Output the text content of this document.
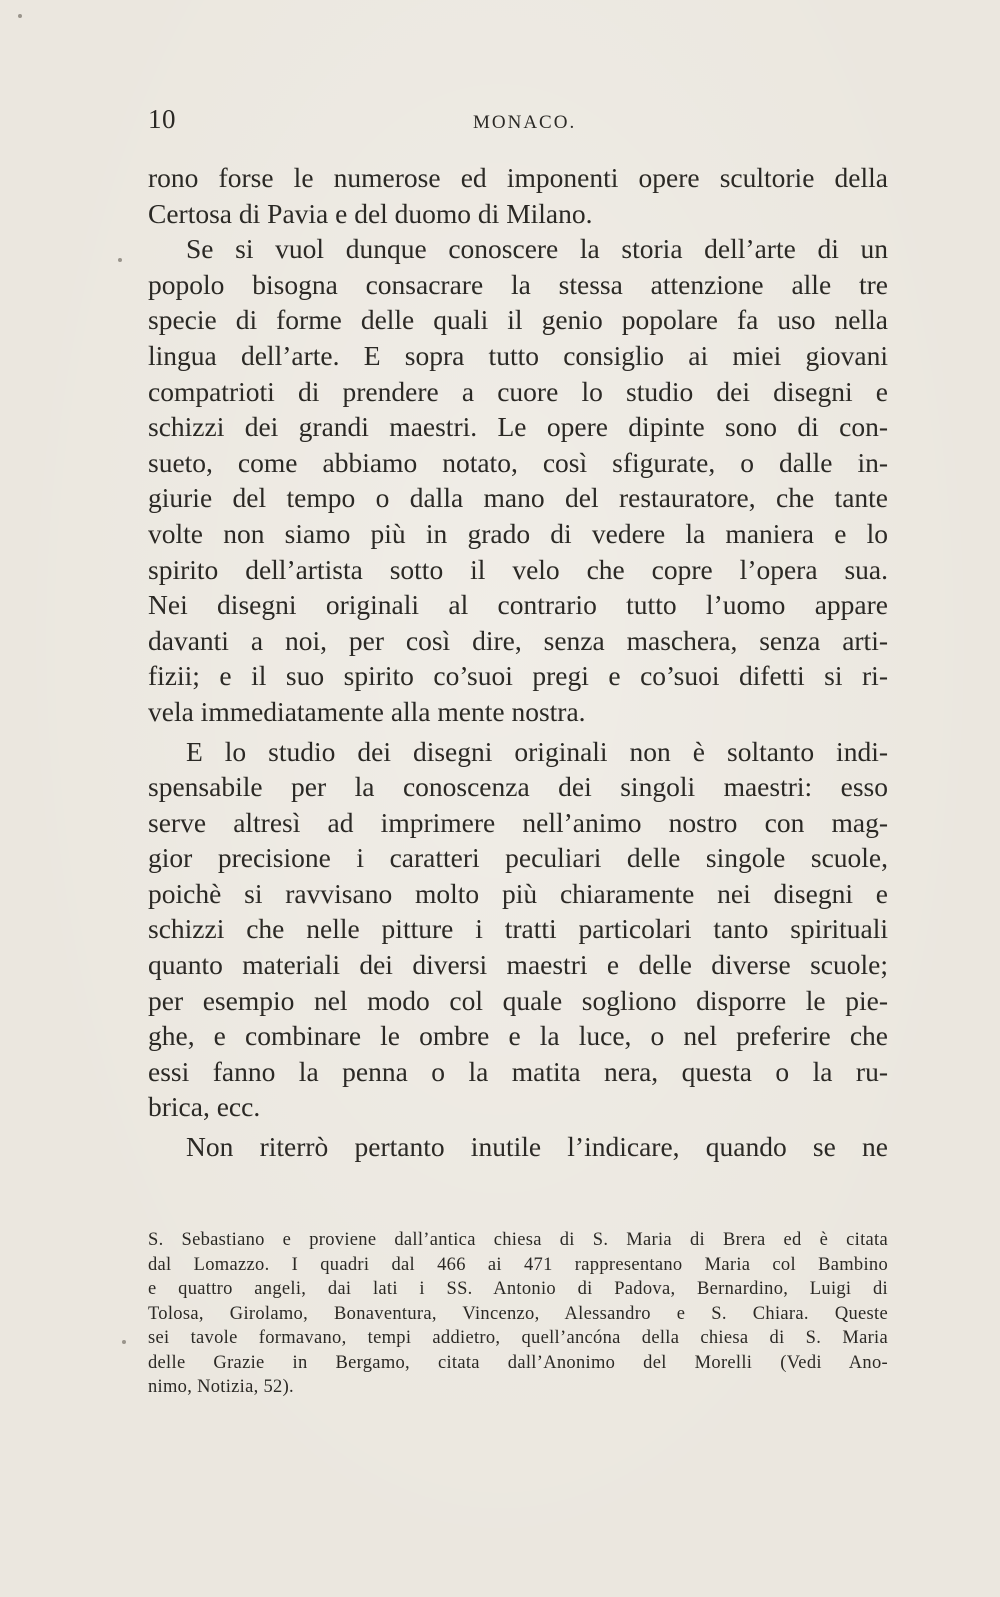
10	MONACO.
rono forse le numerose ed imponenti opere scultorie della
Certosa di Pavia e del duomo di Milano.
Se si vuol dunque conoscere la storia dell’arte di un
popolo bisogna consacrare la stessa attenzione alle tre
specie di forme delle quali il genio popolare fa uso nella
lingua dell’arte. E sopra tutto consiglio ai miei giovani
compatrioti di prendere a cuore lo studio dei disegni e
schizzi dei grandi maestri. Le opere dipinte sono di con-
sueto, come abbiamo notato, così sfigurate, o dalle in-
giurie del tempo o dalla mano del restauratore, che tante
volte non siamo più in grado di vedere la maniera e lo
spirito dell’artista sotto il velo che copre l’opera sua.
Nei disegni originali al contrario tutto l’uomo appare
davanti a noi, per così dire, senza maschera, senza arti-
fizii; e il suo spirito co’suoi pregi e co’suoi difetti si ri-
vela immediatamente alla mente nostra.
E lo studio dei disegni originali non è soltanto indi-
spensabile per la conoscenza dei singoli maestri: esso
serve altresì ad imprimere nell’animo nostro con mag-
gior precisione i caratteri peculiari delle singole scuole,
poichè si ravvisano molto più chiaramente nei disegni e
schizzi che nelle pitture i tratti particolari tanto spirituali
quanto materiali dei diversi maestri e delle diverse scuole;
per esempio nel modo col quale sogliono disporre le pie-
ghe, e combinare le ombre e la luce, o nel preferire che
essi fanno la penna o la matita nera, questa o la ru-
brica, ecc.
Non riterrò pertanto inutile l’indicare, quando se ne
S. Sebastiano e proviene dall’antica chiesa di S. Maria di Brera ed è citata
dal Lomazzo. I quadri dal 466 ai 471 rappresentano Maria col Bambino
e quattro angeli, dai lati i SS. Antonio di Padova, Bernardino, Luigi di
Tolosa, Girolamo, Bonaventura, Vincenzo, Alessandro e S. Chiara. Queste
sei tavole formavano, tempi addietro, quell’ancóna della chiesa di S. Maria
delle Grazie in Bergamo, citata dall’Anonimo del Morelli (Vedi Ano-
nimo, Notizia, 52).
